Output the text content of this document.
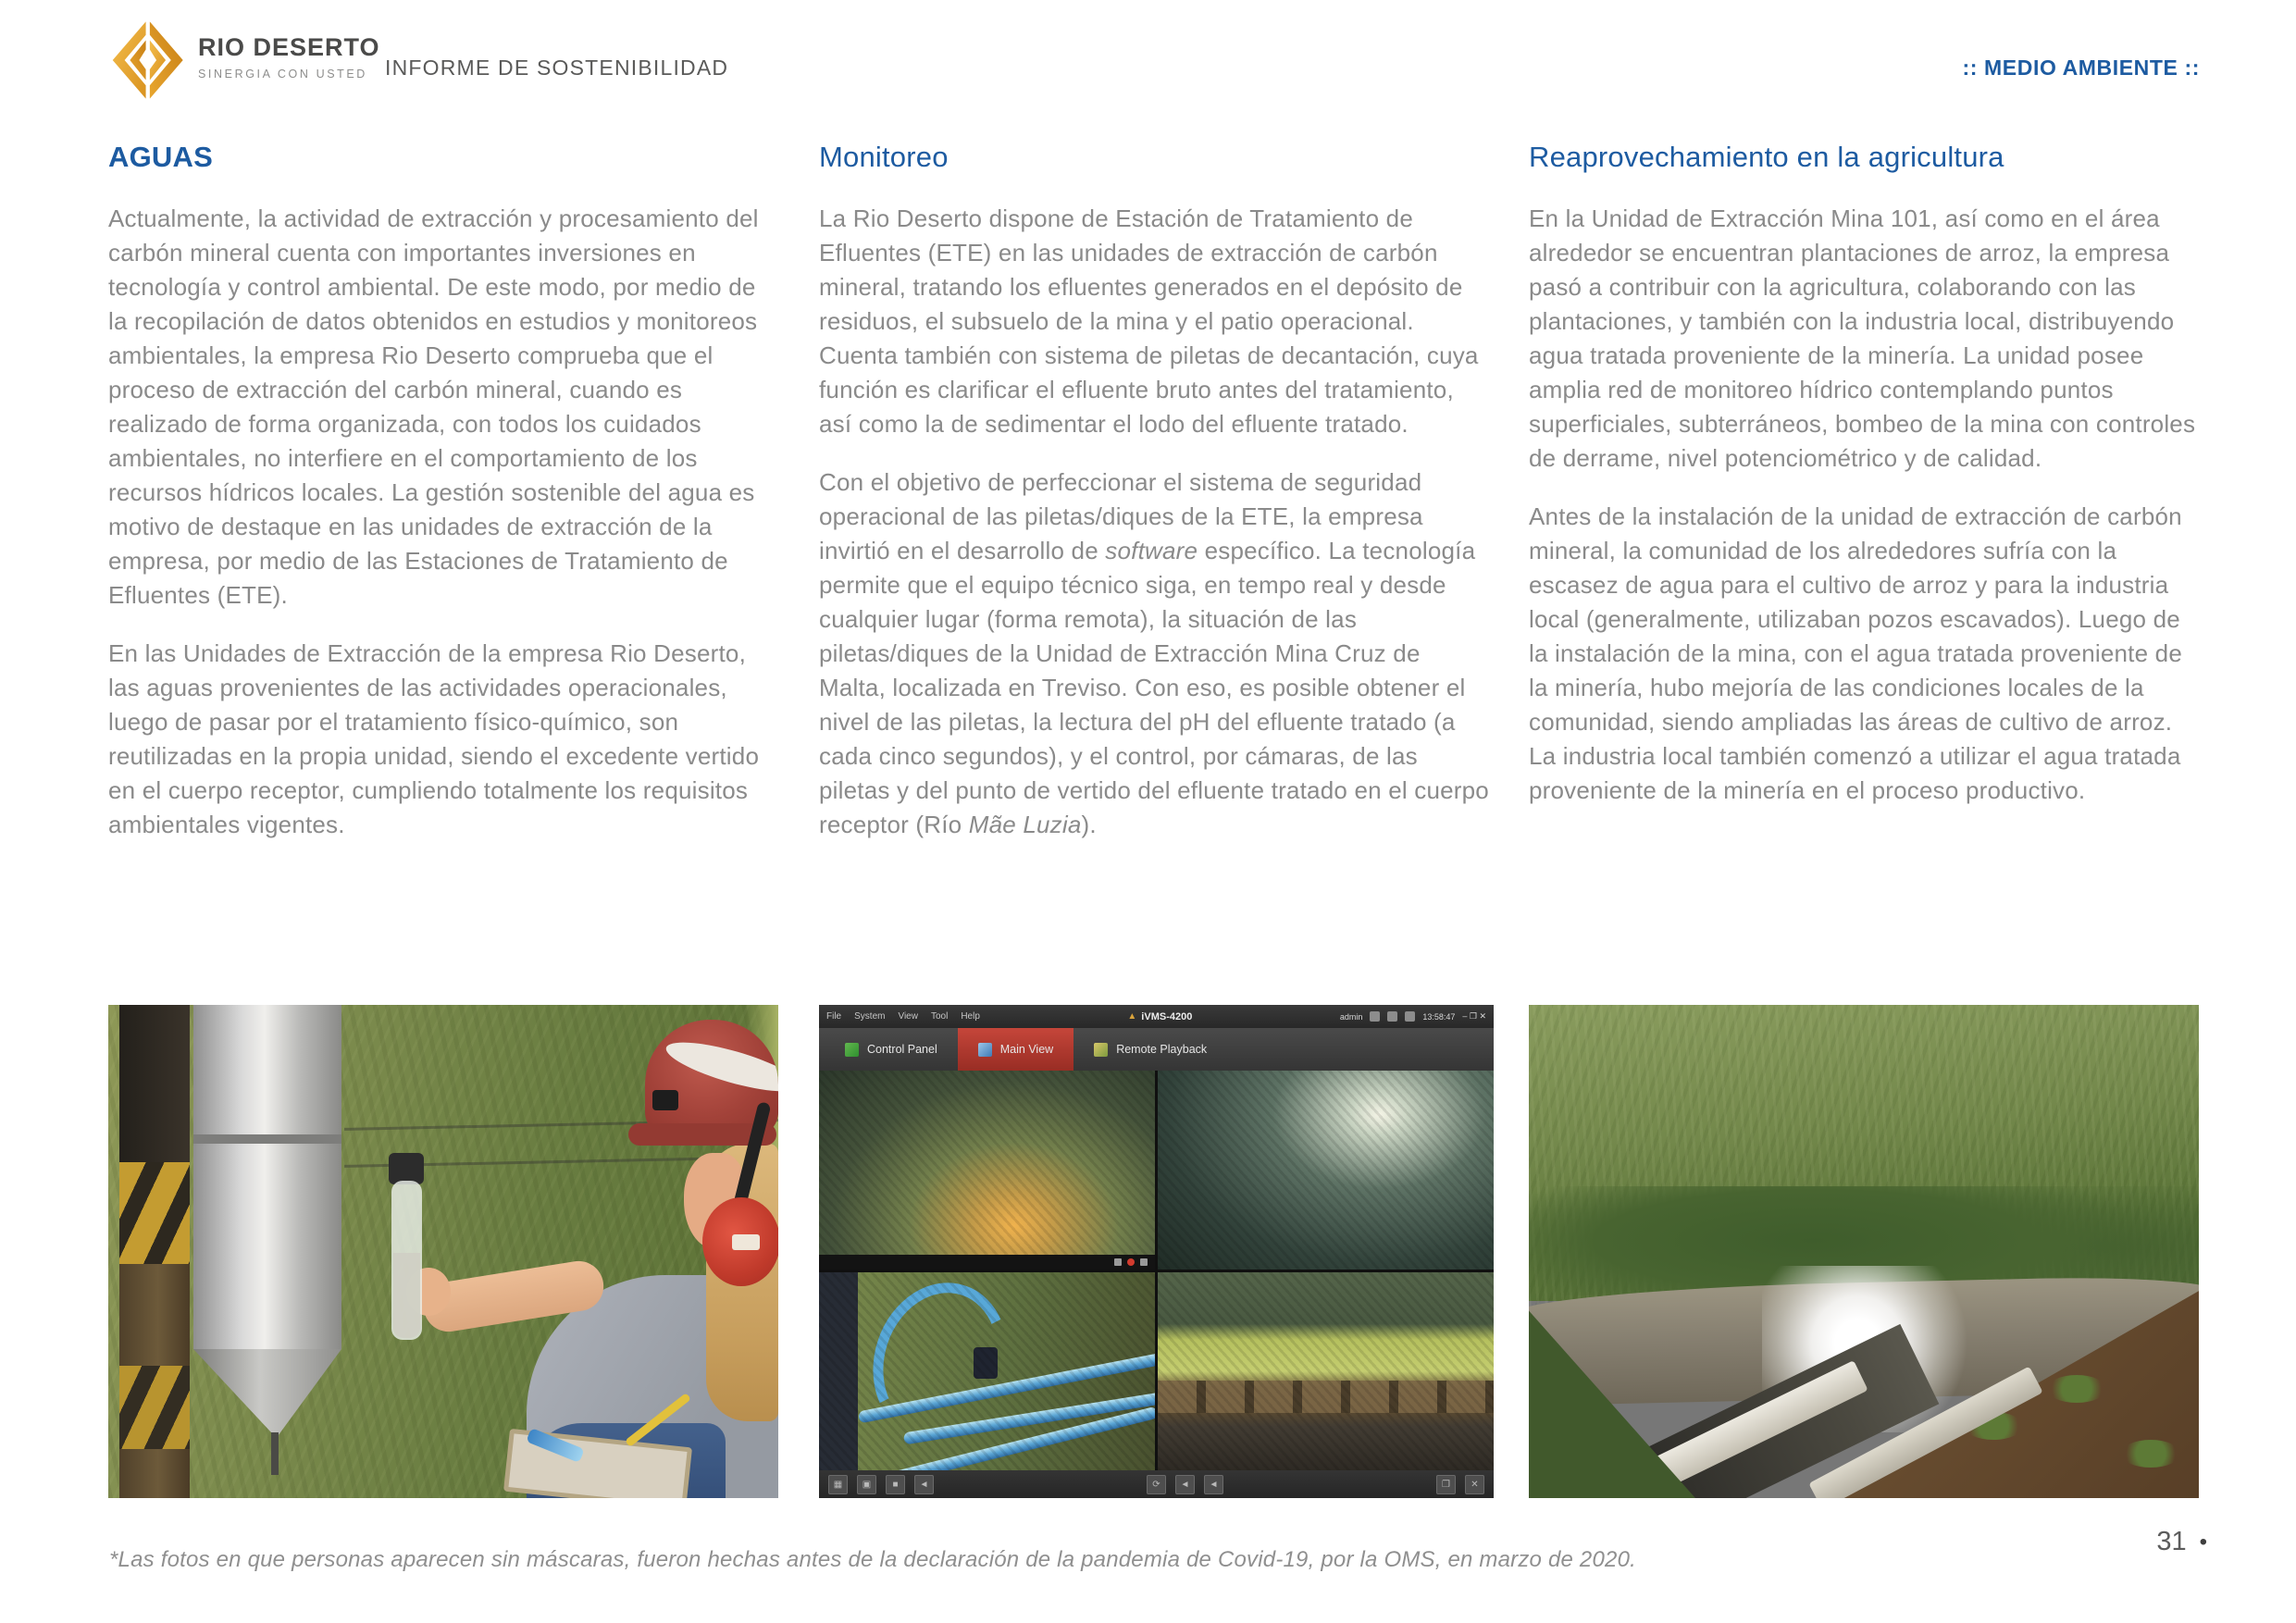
RIO DESERTO
SINERGIA CON USTED INFORME DE SOSTENIBILIDAD	:: MEDIO AMBIENTE ::
AGUAS

Actualmente, la actividad de extracción y procesamiento del carbón mineral cuenta con importantes inversiones en tecnología y control ambiental. De este modo, por medio de la recopilación de datos obtenidos en estudios y monitoreos ambientales, la empresa Rio Deserto comprueba que el proceso de extracción del carbón mineral, cuando es realizado de forma organizada, con todos los cuidados ambientales, no interfiere en el comportamiento de los recursos hídricos locales. La gestión sostenible del agua es motivo de destaque en las unidades de extracción de la empresa, por medio de las Estaciones de Tratamiento de Efluentes (ETE).

En las Unidades de Extracción de la empresa Rio Deserto, las aguas provenientes de las actividades operacionales, luego de pasar por el tratamiento físico-químico, son reutilizadas en la propia unidad, siendo el excedente vertido en el cuerpo receptor, cumpliendo totalmente los requisitos ambientales vigentes.

Monitoreo

La Rio Deserto dispone de Estación de Tratamiento de Efluentes (ETE) en las unidades de extracción de carbón mineral, tratando los efluentes generados en el depósito de residuos, el subsuelo de la mina y el patio operacional. Cuenta también con sistema de piletas de decantación, cuya función es clarificar el efluente bruto antes del tratamiento, así como la de sedimentar el lodo del efluente tratado.

Con el objetivo de perfeccionar el sistema de seguridad operacional de las piletas/diques de la ETE, la empresa invirtió en el desarrollo de software específico. La tecnología permite que el equipo técnico siga, en tempo real y desde cualquier lugar (forma remota), la situación de las piletas/diques de la Unidad de Extracción Mina Cruz de Malta, localizada en Treviso. Con eso, es posible obtener el nivel de las piletas, la lectura del pH del efluente tratado (a cada cinco segundos), y el control, por cámaras, de las piletas y del punto de vertido del efluente tratado en el cuerpo receptor (Río Mãe Luzia).

Reaprovechamiento en la agricultura

En la Unidad de Extracción Mina 101, así como en el área alrededor se encuentran plantaciones de arroz, la empresa pasó a contribuir con la agricultura, colaborando con las plantaciones, y también con la industria local, distribuyendo agua tratada proveniente de la minería. La unidad posee amplia red de monitoreo hídrico contemplando puntos superficiales, subterráneos, bombeo de la mina con controles de derrame, nivel potenciométrico y de calidad.

Antes de la instalación de la unidad de extracción de carbón mineral, la comunidad de los alrededores sufría con la escasez de agua para el cultivo de arroz y para la industria local (generalmente, utilizaban pozos escavados). Luego de la instalación de la mina, con el agua tratada proveniente de la minería, hubo mejoría de las condiciones locales de la comunidad, siendo ampliadas las áreas de cultivo de arroz. La industria local también comenzó a utilizar el agua tratada proveniente de la minería en el proceso productivo.

File System View Tool Help	▲ iVMS-4200	admin	13:58:47 – ❐ ✕
Control Panel	Main View	Remote Playback
▦	▣	■	◄	⟳	◄	◄	❐	✕

*Las fotos en que personas aparecen sin máscaras, fueron hechas antes de la declaración de la pandemia de Covid-19, por la OMS, en marzo de 2020.

31 •
